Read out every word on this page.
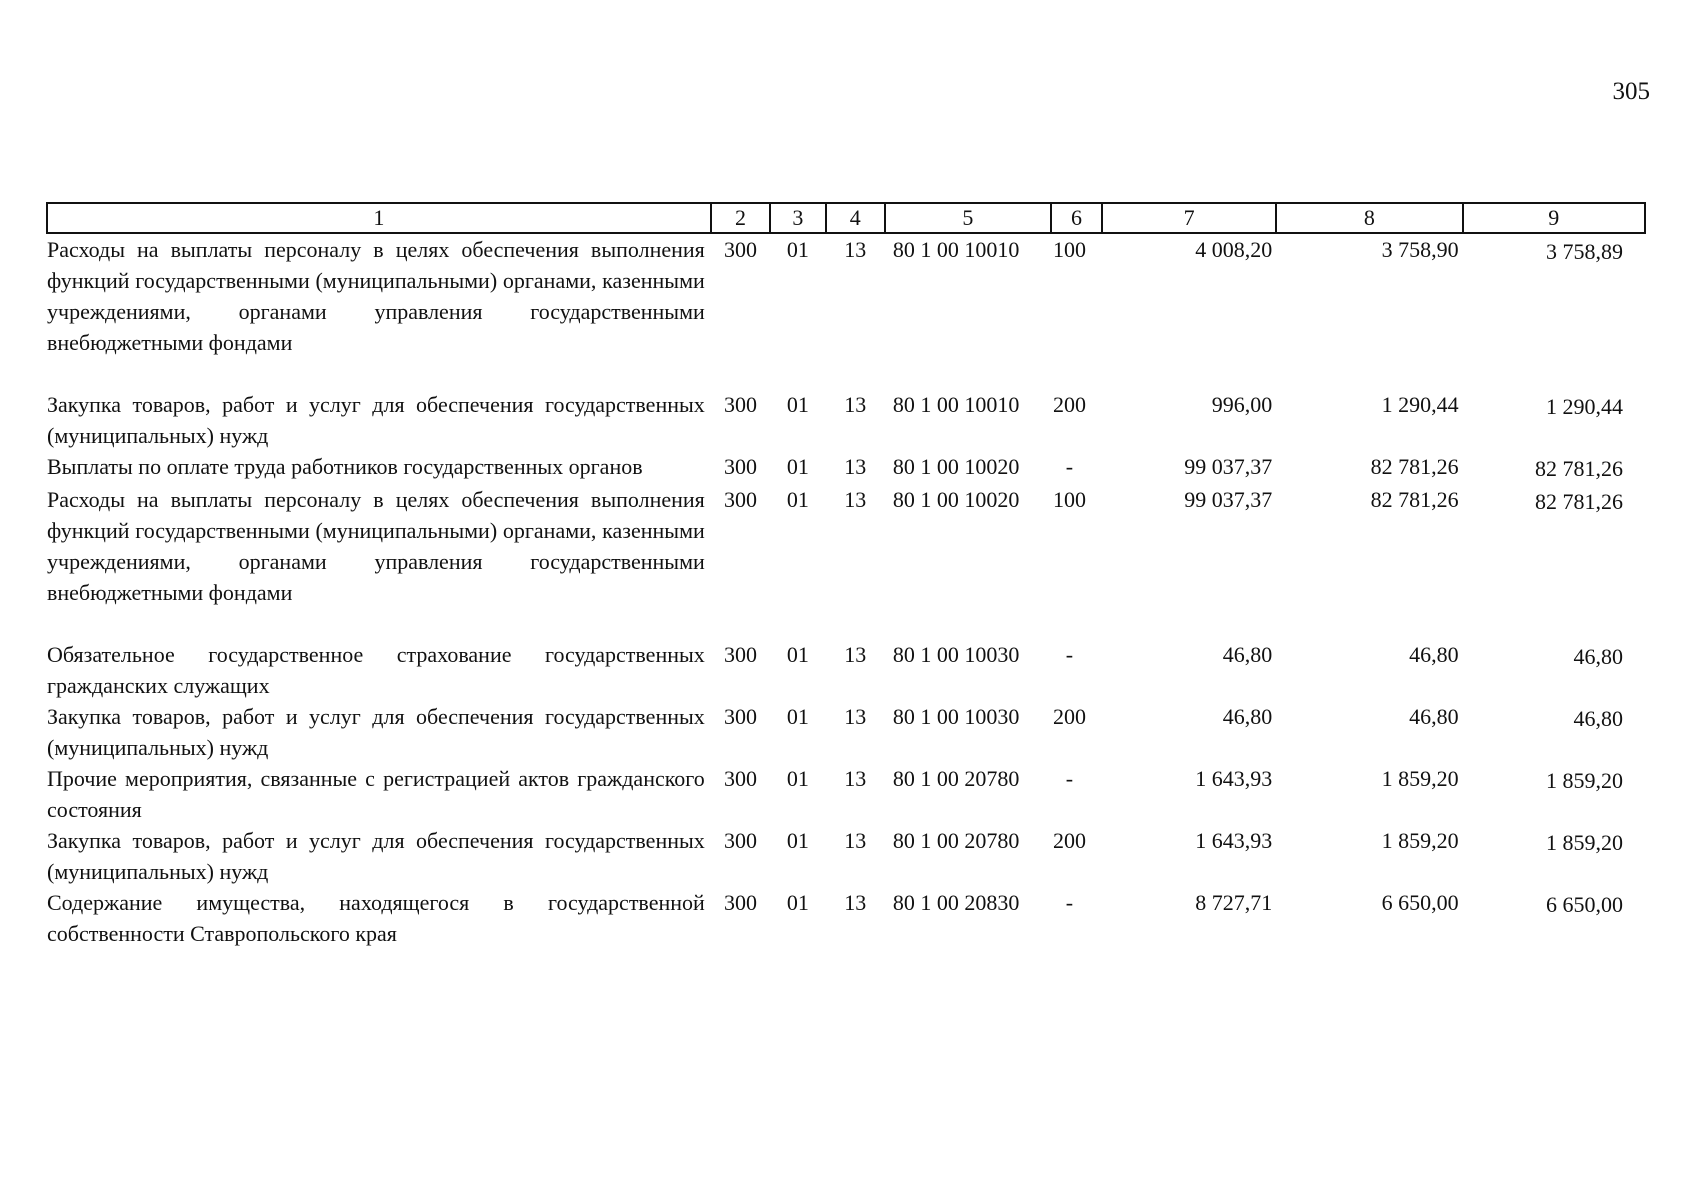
305
1	2	3	4	5	6	7	8	9
Расходы на выплаты персоналу в целях обеспечения выполнения функций государственными (муниципальными) органами, казенными учреждениями, органами управления государственными внебюджетными фондами	300	01	13	80 1 00 10010	100	4 008,20	3 758,90	3 758,89
Закупка товаров, работ и услуг для обеспечения государственных (муниципальных) нужд	300	01	13	80 1 00 10010	200	996,00	1 290,44	1 290,44
Выплаты по оплате труда работников государственных органов	300	01	13	80 1 00 10020	-	99 037,37	82 781,26	82 781,26
Расходы на выплаты персоналу в целях обеспечения выполнения функций государственными (муниципальными) органами, казенными учреждениями, органами управления государственными внебюджетными фондами	300	01	13	80 1 00 10020	100	99 037,37	82 781,26	82 781,26
Обязательное государственное страхование государственных гражданских служащих	300	01	13	80 1 00 10030	-	46,80	46,80	46,80
Закупка товаров, работ и услуг для обеспечения государственных (муниципальных) нужд	300	01	13	80 1 00 10030	200	46,80	46,80	46,80
Прочие мероприятия, связанные с регистрацией актов гражданского состояния	300	01	13	80 1 00 20780	-	1 643,93	1 859,20	1 859,20
Закупка товаров, работ и услуг для обеспечения государственных (муниципальных) нужд	300	01	13	80 1 00 20780	200	1 643,93	1 859,20	1 859,20
Содержание имущества, находящегося в государственной собственности Ставропольского края	300	01	13	80 1 00 20830	-	8 727,71	6 650,00	6 650,00
